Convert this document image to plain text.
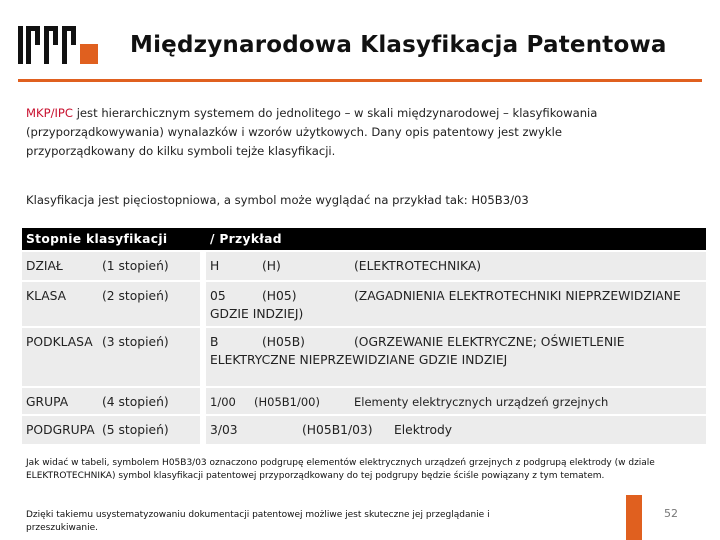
Międzynarodowa Klasyfikacja Patentowa
MKP/IPC jest hierarchicznym systemem do jednolitego – w skali międzynarodowej – klasyfikowania (przyporządkowywania) wynalazków i wzorów użytkowych. Dany opis patentowy jest zwykle przyporządkowany do kilku symboli tejże klasyfikacji.
Klasyfikacja jest pięciostopniowa, a symbol może wyglądać na przykład tak: H05B3/03
Stopnie klasyfikacji	/ Przykład
DZIAŁ (1 stopień)	H (H) (ELEKTROTECHNIKA)
KLASA (2 stopień)	05 (H05) (ZAGADNIENIA ELEKTROTECHNIKI NIEPRZEWIDZIANE GDZIE INDZIEJ)
PODKLASA (3 stopień)	B (H05B) (OGRZEWANIE ELEKTRYCZNE; OŚWIETLENIE ELEKTRYCZNE NIEPRZEWIDZIANE GDZIE INDZIEJ
GRUPA (4 stopień)	1/00 (H05B1/00) Elementy elektrycznych urządzeń grzejnych
PODGRUPA (5 stopień)	3/03 (H05B1/03) Elektrody
Jak widać w tabeli, symbolem H05B3/03 oznaczono podgrupę elementów elektrycznych urządzeń grzejnych z podgrupą elektrody (w dziale ELEKTROTECHNIKA) symbol klasyfikacji patentowej przyporządkowany do tej podgrupy będzie ściśle powiązany z tym tematem.
Dzięki takiemu usystematyzowaniu dokumentacji patentowej możliwe jest skuteczne jej przeglądanie i przeszukiwanie.
52
